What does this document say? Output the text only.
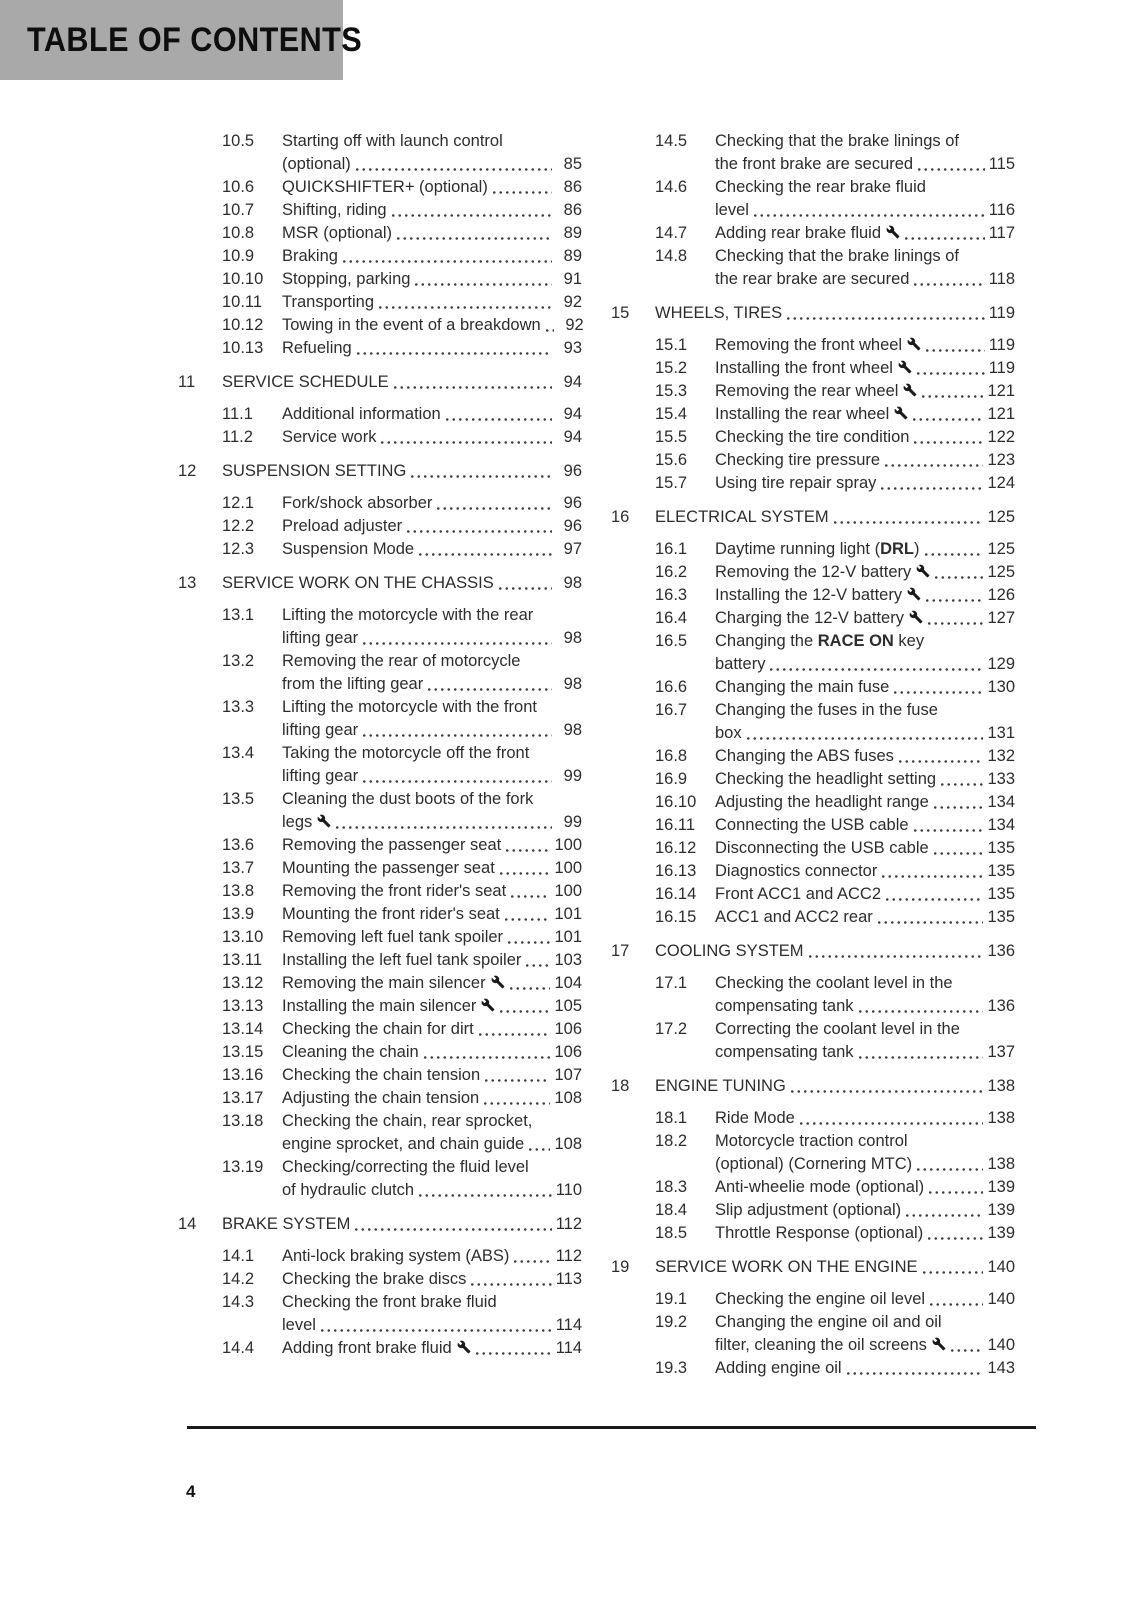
TABLE OF CONTENTS
10.5	Starting off with launch control
(optional)	85
10.6	QUICKSHIFTER+ (optional)	86
10.7	Shifting, riding	86
10.8	MSR (optional)	89
10.9	Braking	89
10.10	Stopping, parking	91
10.11	Transporting	92
10.12	Towing in the event of a breakdown	92
10.13	Refueling	93
11	SERVICE SCHEDULE	94
11.1	Additional information	94
11.2	Service work	94
12	SUSPENSION SETTING	96
12.1	Fork/shock absorber	96
12.2	Preload adjuster	96
12.3	Suspension Mode	97
13	SERVICE WORK ON THE CHASSIS	98
13.1	Lifting the motorcycle with the rear
lifting gear	98
13.2	Removing the rear of motorcycle
from the lifting gear	98
13.3	Lifting the motorcycle with the front
lifting gear	98
13.4	Taking the motorcycle off the front
lifting gear	99
13.5	Cleaning the dust boots of the fork
legs	99
13.6	Removing the passenger seat	100
13.7	Mounting the passenger seat	100
13.8	Removing the front rider's seat	100
13.9	Mounting the front rider's seat	101
13.10	Removing left fuel tank spoiler	101
13.11	Installing the left fuel tank spoiler 103
13.12	Removing the main silencer	104
13.13	Installing the main silencer	105
13.14	Checking the chain for dirt	106
13.15	Cleaning the chain	106
13.16	Checking the chain tension	107
13.17	Adjusting the chain tension	108
13.18	Checking the chain, rear sprocket,
engine sprocket, and chain guide 108
13.19	Checking/correcting the fluid level
of hydraulic clutch	110
14	BRAKE SYSTEM	112
14.1	Anti-lock braking system (ABS)	112
14.2	Checking the brake discs	113
14.3	Checking the front brake fluid
level	114
14.4	Adding front brake fluid	114
14.5	Checking that the brake linings of
the front brake are secured	115
14.6	Checking the rear brake fluid
level	116
14.7	Adding rear brake fluid	117
14.8	Checking that the brake linings of
the rear brake are secured	118
15	WHEELS, TIRES	119
15.1	Removing the front wheel	119
15.2	Installing the front wheel	119
15.3	Removing the rear wheel	121
15.4	Installing the rear wheel	121
15.5	Checking the tire condition	122
15.6	Checking tire pressure	123
15.7	Using tire repair spray	124
16	ELECTRICAL SYSTEM	125
16.1	Daytime running light (DRL)	125
16.2	Removing the 12-V battery	125
16.3	Installing the 12-V battery	126
16.4	Charging the 12-V battery	127
16.5	Changing the RACE ON key
battery	129
16.6	Changing the main fuse	130
16.7	Changing the fuses in the fuse
box	131
16.8	Changing the ABS fuses	132
16.9	Checking the headlight setting	133
16.10	Adjusting the headlight range	134
16.11	Connecting the USB cable	134
16.12	Disconnecting the USB cable	135
16.13	Diagnostics connector	135
16.14	Front ACC1 and ACC2	135
16.15	ACC1 and ACC2 rear	135
17	COOLING SYSTEM	136
17.1	Checking the coolant level in the
compensating tank	136
17.2	Correcting the coolant level in the
compensating tank	137
18	ENGINE TUNING	138
18.1	Ride Mode	138
18.2	Motorcycle traction control
(optional) (Cornering MTC)	138
18.3	Anti-wheelie mode (optional)	139
18.4	Slip adjustment (optional)	139
18.5	Throttle Response (optional)	139
19	SERVICE WORK ON THE ENGINE	140
19.1	Checking the engine oil level	140
19.2	Changing the engine oil and oil
filter, cleaning the oil screens	140
19.3	Adding engine oil	143
4
